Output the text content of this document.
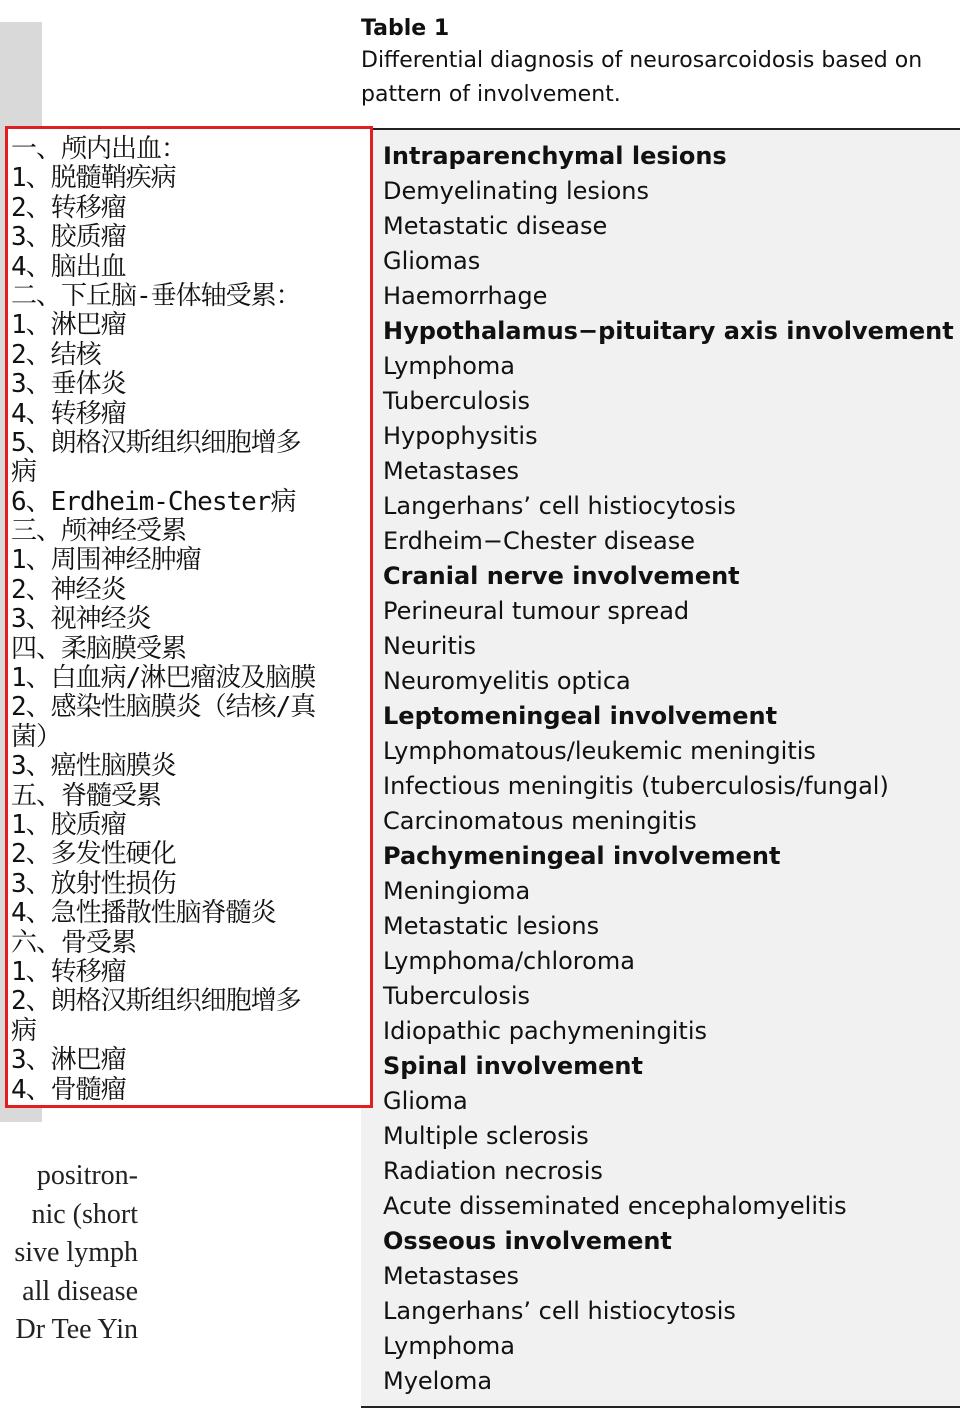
Table 1
Differential diagnosis of neurosarcoidosis based on
pattern of involvement.
Intraparenchymal lesions
Demyelinating lesions
Metastatic disease
Gliomas
Haemorrhage
Hypothalamus−pituitary axis involvement
Lymphoma
Tuberculosis
Hypophysitis
Metastases
Langerhans’ cell histiocytosis
Erdheim−Chester disease
Cranial nerve involvement
Perineural tumour spread
Neuritis
Neuromyelitis optica
Leptomeningeal involvement
Lymphomatous/leukemic meningitis
Infectious meningitis (tuberculosis/fungal)
Carcinomatous meningitis
Pachymeningeal involvement
Meningioma
Metastatic lesions
Lymphoma/chloroma
Tuberculosis
Idiopathic pachymeningitis
Spinal involvement
Glioma
Multiple sclerosis
Radiation necrosis
Acute disseminated encephalomyelitis
Osseous involvement
Metastases
Langerhans’ cell histiocytosis
Lymphoma
Myeloma
一、颅内出血：
1、脱髓鞘疾病
2、转移瘤
3、胶质瘤
4、脑出血
二、下丘脑-垂体轴受累：
1、淋巴瘤
2、结核
3、垂体炎
4、转移瘤
5、朗格汉斯组织细胞增多
病
6、Erdheim-Chester病
三、颅神经受累
1、周围神经肿瘤
2、神经炎
3、视神经炎
四、柔脑膜受累
1、白血病/淋巴瘤波及脑膜
2、感染性脑膜炎（结核/真
菌）
3、癌性脑膜炎
五、脊髓受累
1、胶质瘤
2、多发性硬化
3、放射性损伤
4、急性播散性脑脊髓炎
六、骨受累
1、转移瘤
2、朗格汉斯组织细胞增多
病
3、淋巴瘤
4、骨髓瘤
positron-
nic (short
sive lymph
all disease
Dr Tee Yin
